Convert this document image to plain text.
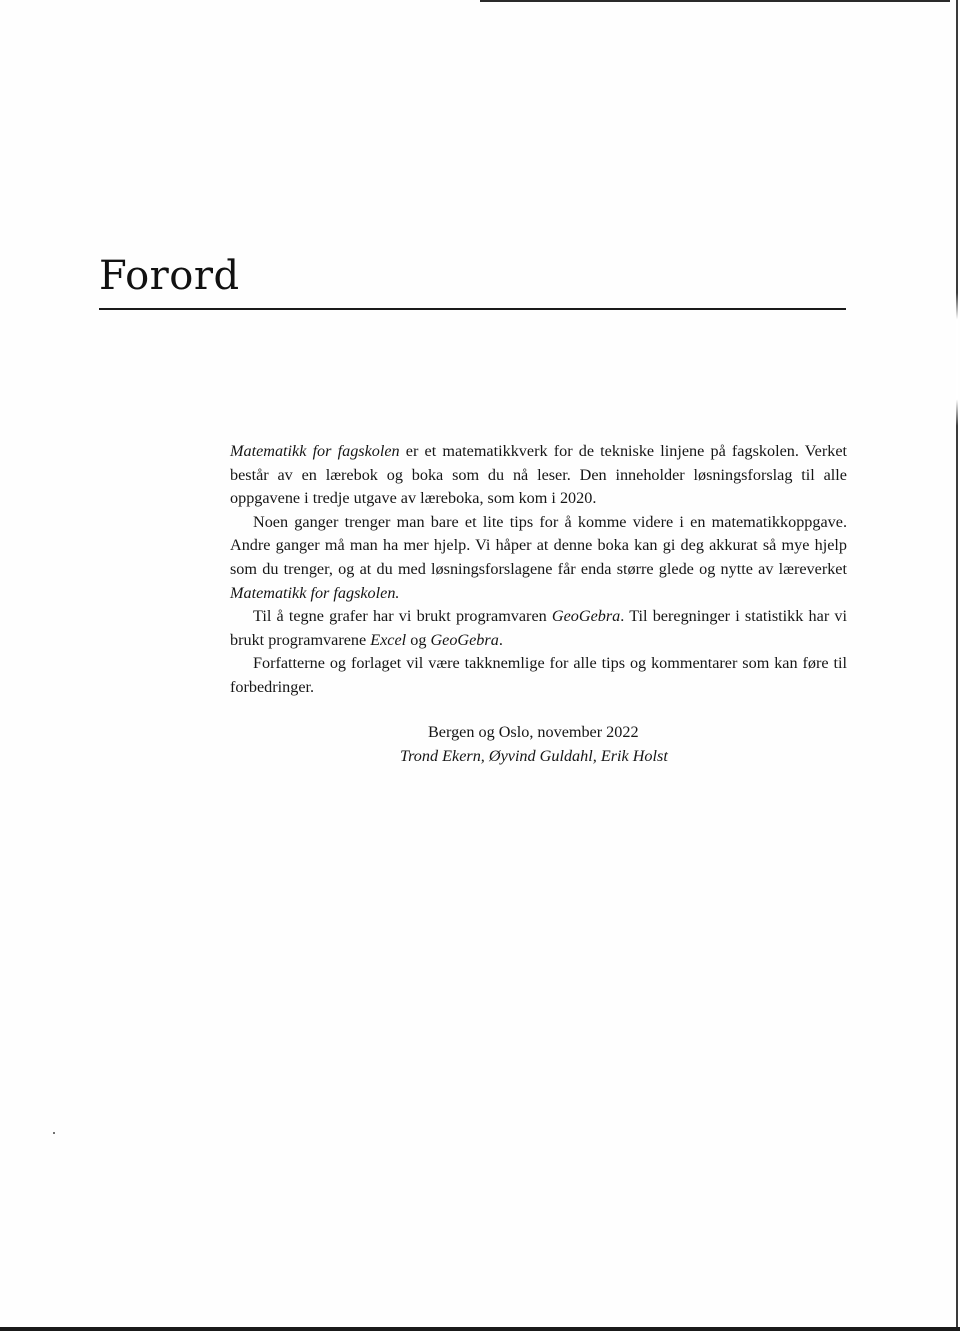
Forord

Matematikk for fagskolen er et matematikkverk for de tekniske linjene på fagskolen. Verket består av en lærebok og boka som du nå leser. Den inneholder løsningsforslag til alle oppgavene i tredje utgave av læreboka, som kom i 2020.

Noen ganger trenger man bare et lite tips for å komme videre i en matematikkoppgave. Andre ganger må man ha mer hjelp. Vi håper at denne boka kan gi deg akkurat så mye hjelp som du trenger, og at du med løsningsforslagene får enda større glede og nytte av læreverket Matematikk for fagskolen.

Til å tegne grafer har vi brukt programvaren GeoGebra. Til beregninger i statistikk har vi brukt programvarene Excel og GeoGebra.

Forfatterne og forlaget vil være takknemlige for alle tips og kommentarer som kan føre til forbedringer.

Bergen og Oslo, november 2022
Trond Ekern, Øyvind Guldahl, Erik Holst
